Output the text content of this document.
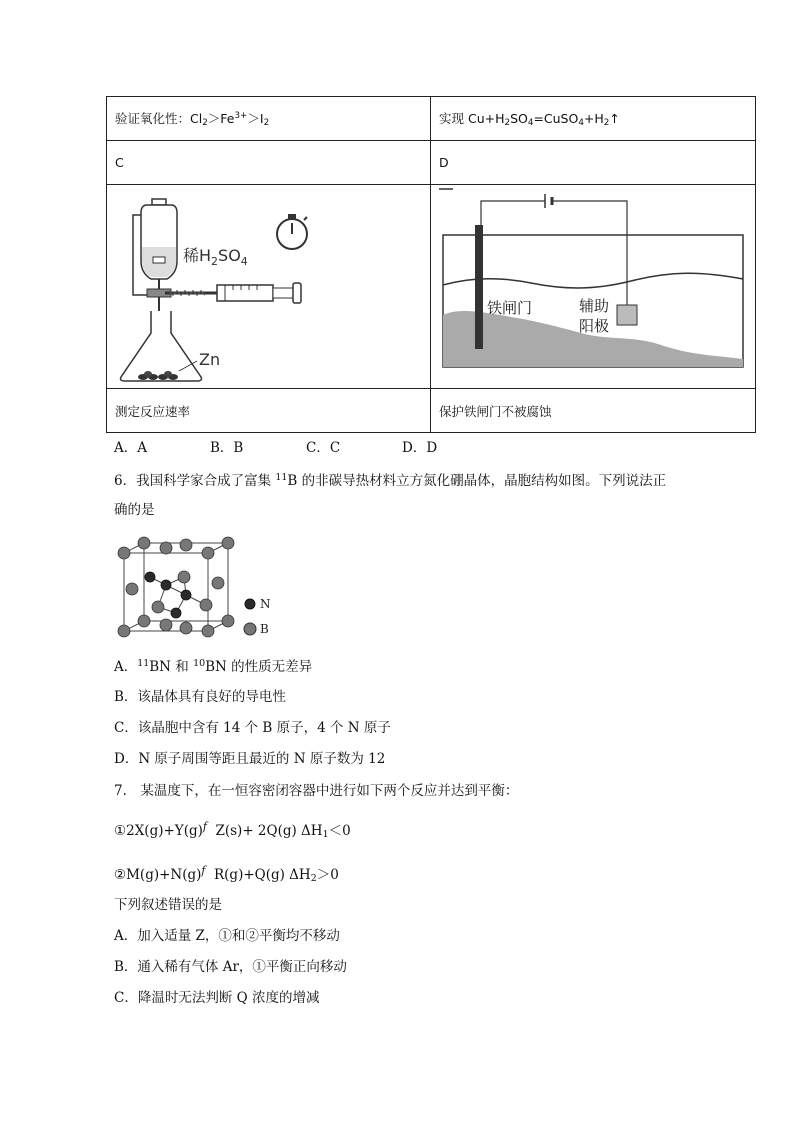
验证氧化性：$Cl_2>Fe^{3+}>I_2$	实现 $Cu+H_2SO_4=CuSO_4+H_2↑$
C	D

稀$H_2SO_4$
Zn	铁闸门 辅助
阳极

测定反应速率	保护铁闸门不被腐蚀
A．A	B．B	C．C	D．D
6．我国科学家合成了富集 $^{11}$B 的非碳导热材料立方氮化硼晶体，晶胞结构如图。下列说法正
确的是
N
B
A．$^{11}$BN 和 $^{10}$BN 的性质无差异
B．该晶体具有良好的导电性
C．该晶胞中含有 14 个 B 原子，4 个 N 原子
D．N 原子周围等距且最近的 N 原子数为 12
7.　某温度下，在一恒容密闭容器中进行如下两个反应并达到平衡：
$①2X(g)+Y(g)^f$ Z(s)+ 2Q(g) $\Delta H_1<0$
$②M(g)+N(g)^f$ R(g)+Q(g) $\Delta H_2>0$
下列叙述错误的是
A．加入适量 Z，①和②平衡均不移动
B．通入稀有气体 Ar，①平衡正向移动
C．降温时无法判断 Q 浓度的增减
